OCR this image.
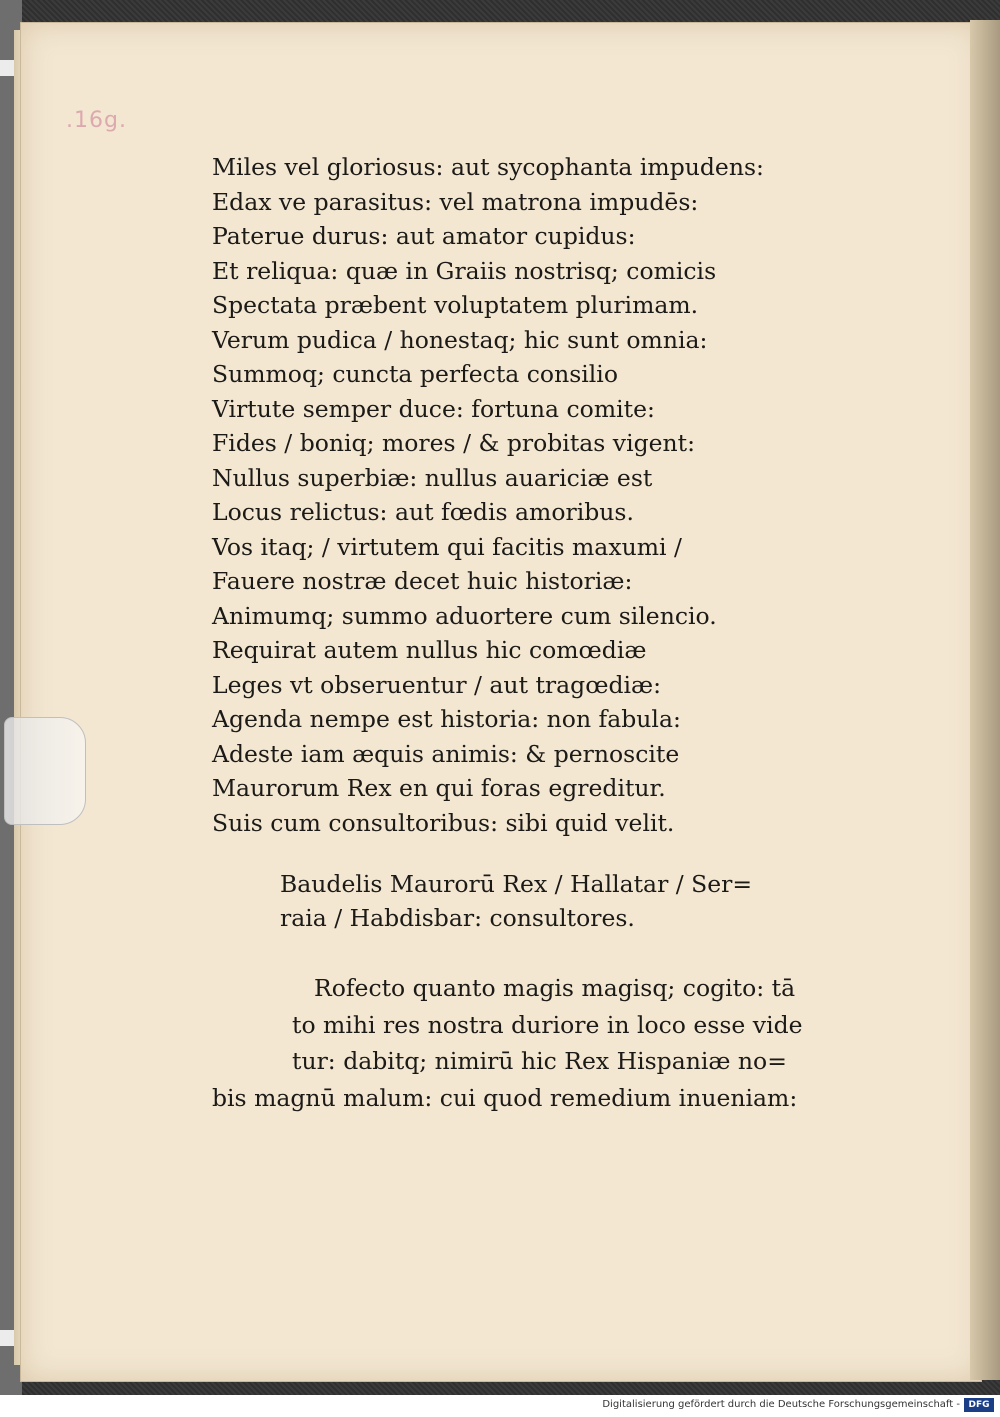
.16g.

Miles vel gloriosus: aut sycophanta impudens:

Edax ve parasitus: vel matrona impudēs:

Paterue durus: aut amator cupidus:

Et reliqua: quæ in Graiis nostrisq; comicis

Spectata præbent voluptatem plurimam.

Verum pudica / honestaq; hic sunt omnia:

Summoq; cuncta perfecta consilio

Virtute semper duce: fortuna comite:

Fides / boniq; mores / & probitas vigent:

Nullus superbiæ: nullus auariciæ est

Locus relictus: aut fœdis amoribus.

Vos itaq; / virtutem qui facitis maxumi /

Fauere nostræ decet huic historiæ:

Animumq; summo aduortere cum silencio.

Requirat autem nullus hic comœdiæ

Leges vt obseruentur / aut tragœdiæ:

Agenda nempe est historia: non fabula:

Adeste iam æquis animis: & pernoscite

Maurorum Rex en qui foras egreditur.

Suis cum consultoribus: sibi quid velit.

Baudelis Maurorū Rex / Hallatar / Ser=

raia / Habdisbar: consultores.

Rofecto quanto magis magisq; cogito: tā

to mihi res nostra duriore in loco esse vide

tur: dabitq; nimirū hic Rex Hispaniæ no=

bis magnū malum: cui quod remedium inueniam:

Digitalisierung gefördert durch die Deutsche Forschungsgemeinschaft - DFG
